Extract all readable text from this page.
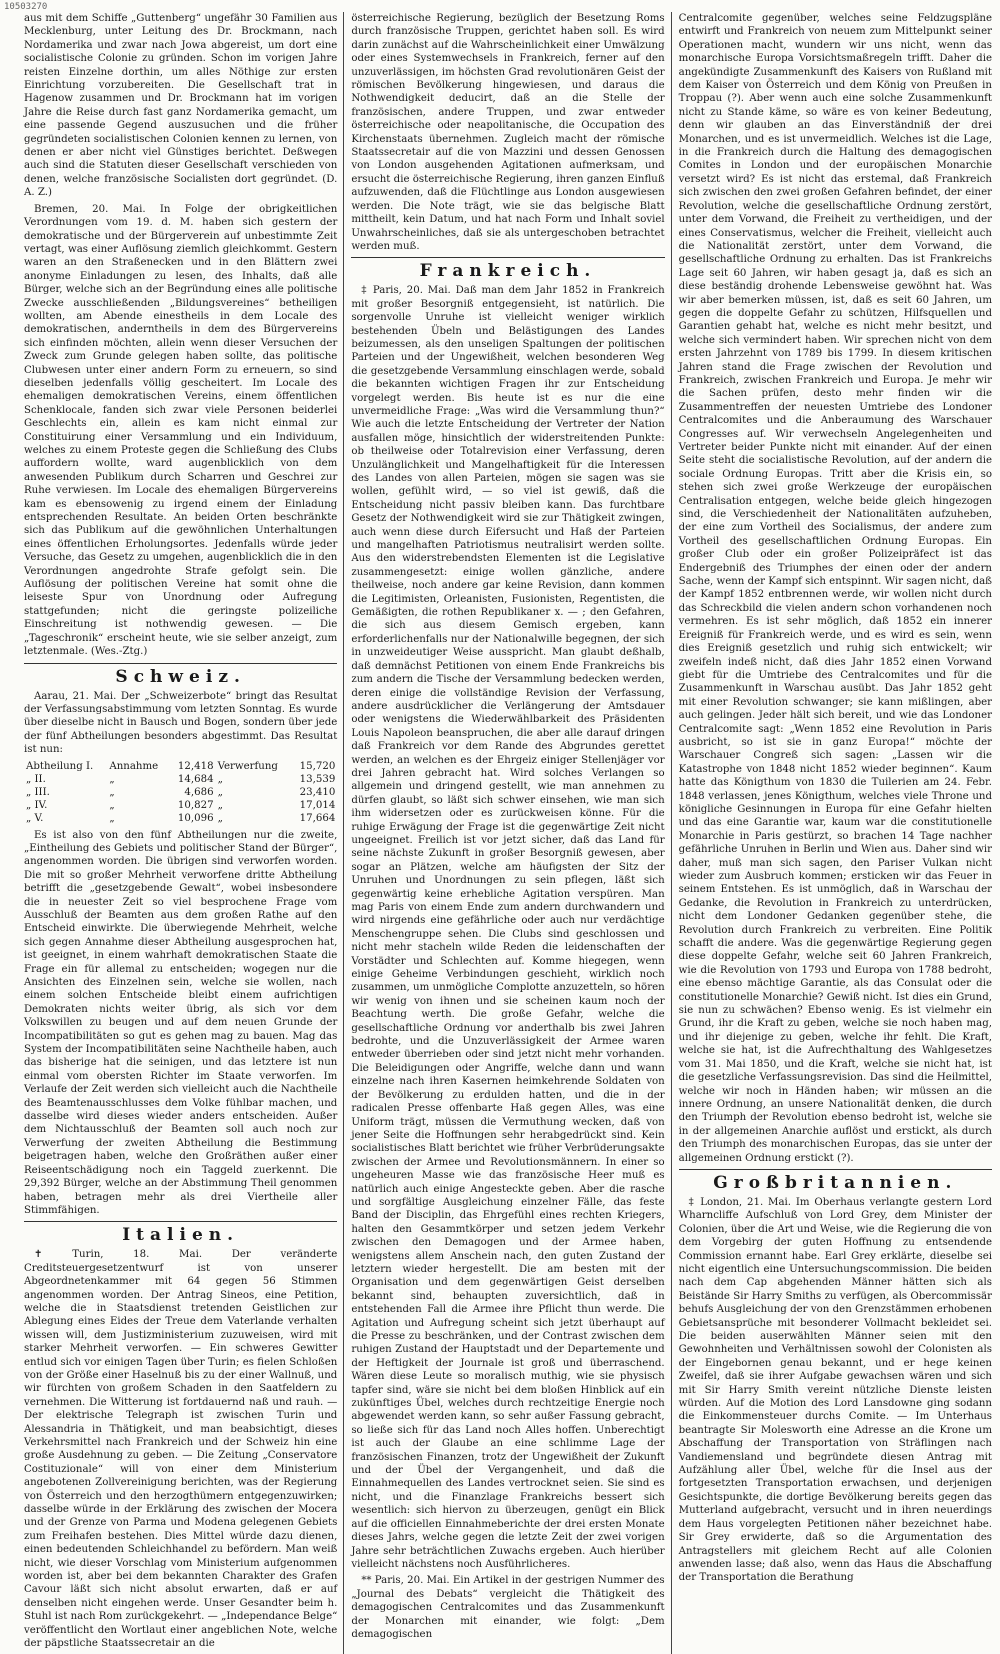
10503270

aus mit dem Schiffe „Guttenberg“ ungefähr 30 Familien aus Mecklenburg, unter Leitung des Dr. Brockmann, nach Nordamerika und zwar nach Jowa abgereist, um dort eine socialistische Colonie zu gründen. Schon im vorigen Jahre reisten Einzelne dorthin, um alles Nöthige zur ersten Einrichtung vorzubereiten. Die Gesellschaft trat in Hagenow zusammen und Dr. Brockmann hat im vorigen Jahre die Reise durch fast ganz Nordamerika gemacht, um eine passende Gegend auszusuchen und die früher gegründeten socialistischen Colonien kennen zu lernen, von denen er aber nicht viel Günstiges berichtet. Deßwegen auch sind die Statuten dieser Gesellschaft verschieden von denen, welche französische Socialisten dort gegründet. (D. A. Z.)

Bremen, 20. Mai. In Folge der obrigkeitlichen Verordnungen vom 19. d. M. haben sich gestern der demokratische und der Bürgerverein auf unbestimmte Zeit vertagt, was einer Auflösung ziemlich gleichkommt. Gestern waren an den Straßenecken und in den Blättern zwei anonyme Einladungen zu lesen, des Inhalts, daß alle Bürger, welche sich an der Begründung eines alle politische Zwecke ausschließenden „Bildungsvereines“ betheiligen wollten, am Abende einestheils in dem Locale des demokratischen, anderntheils in dem des Bürgervereins sich einfinden möchten, allein wenn dieser Versuchen der Zweck zum Grunde gelegen haben sollte, das politische Clubwesen unter einer andern Form zu erneuern, so sind dieselben jedenfalls völlig gescheitert. Im Locale des ehemaligen demokratischen Vereins, einem öffentlichen Schenklocale, fanden sich zwar viele Personen beiderlei Geschlechts ein, allein es kam nicht einmal zur Constituirung einer Versammlung und ein Individuum, welches zu einem Proteste gegen die Schließung des Clubs auffordern wollte, ward augenblicklich von dem anwesenden Publikum durch Scharren und Geschrei zur Ruhe verwiesen. Im Locale des ehemaligen Bürgervereins kam es ebensowenig zu irgend einem der Einladung entsprechenden Resultate. An beiden Orten beschränkte sich das Publikum auf die gewöhnlichen Unterhaltungen eines öffentlichen Erholungsortes. Jedenfalls würde jeder Versuche, das Gesetz zu umgehen, augenblicklich die in den Verordnungen angedrohte Strafe gefolgt sein. Die Auflösung der politischen Vereine hat somit ohne die leiseste Spur von Unordnung oder Aufregung stattgefunden; nicht die geringste polizeiliche Einschreitung ist nothwendig gewesen. — Die „Tageschronik“ erscheint heute, wie sie selber anzeigt, zum letztenmale. (Wes.-Ztg.)

Schweiz.

Aarau, 21. Mai. Der „Schweizerbote“ bringt das Resultat der Verfassungsabstimmung vom letzten Sonntag. Es wurde über dieselbe nicht in Bausch und Bogen, sondern über jede der fünf Abtheilungen besonders abgestimmt. Das Resultat ist nun:

Abtheilung I.	Annahme	12,418	Verwerfung	15,720
„ II.	„	14,684	„	13,539
„ III.	„	4,686	„	23,410
„ IV.	„	10,827	„	17,014
„ V.	„	10,096	„	17,664

Es ist also von den fünf Abtheilungen nur die zweite, „Eintheilung des Gebiets und politischer Stand der Bürger“, angenommen worden. Die übrigen sind verworfen worden. Die mit so großer Mehrheit verworfene dritte Abtheilung betrifft die „gesetzgebende Gewalt“, wobei insbesondere die in neuester Zeit so viel besprochene Frage vom Ausschluß der Beamten aus dem großen Rathe auf den Entscheid einwirkte. Die überwiegende Mehrheit, welche sich gegen Annahme dieser Abtheilung ausgesprochen hat, ist geeignet, in einem wahrhaft demokratischen Staate die Frage ein für allemal zu entscheiden; wogegen nur die Ansichten des Einzelnen sein, welche sie wollen, nach einem solchen Entscheide bleibt einem aufrichtigen Demokraten nichts weiter übrig, als sich vor dem Volkswillen zu beugen und auf dem neuen Grunde der Incompatibilitäten so gut es gehen mag zu bauen. Mag das System der Incompatibilitäten seine Nachtheile haben, auch das bisherige hat die seinigen, und das letztere ist nun einmal vom obersten Richter im Staate verworfen. Im Verlaufe der Zeit werden sich vielleicht auch die Nachtheile des Beamtenausschlusses dem Volke fühlbar machen, und dasselbe wird dieses wieder anders entscheiden. Außer dem Nichtausschluß der Beamten soll auch noch zur Verwerfung der zweiten Abtheilung die Bestimmung beigetragen haben, welche den Großräthen außer einer Reiseentschädigung noch ein Taggeld zuerkennt. Die 29,392 Bürger, welche an der Abstimmung Theil genommen haben, betragen mehr als drei Viertheile aller Stimmfähigen.

Italien.

✝ Turin, 18. Mai. Der veränderte Creditsteuergesetzentwurf ist von unserer Abgeordnetenkammer mit 64 gegen 56 Stimmen angenommen worden. Der Antrag Sineos, eine Petition, welche die in Staatsdienst tretenden Geistlichen zur Ablegung eines Eides der Treue dem Vaterlande verhalten wissen will, dem Justizministerium zuzuweisen, wird mit starker Mehrheit verworfen. — Ein schweres Gewitter entlud sich vor einigen Tagen über Turin; es fielen Schloßen von der Größe einer Haselnuß bis zu der einer Wallnuß, und wir fürchten von großem Schaden in den Saatfeldern zu vernehmen. Die Witterung ist fortdauernd naß und rauh. — Der elektrische Telegraph ist zwischen Turin und Alessandria in Thätigkeit, und man beabsichtigt, dieses Verkehrsmittel nach Frankreich und der Schweiz hin eine große Ausdehnung zu geben. — Die Zeitung „Conservatore Costituzionale“ will von einer dem Ministerium angebotenen Zollvereinigung berichten, was der Regierung von Österreich und den herzogthümern entgegenzuwirken; dasselbe würde in der Erklärung des zwischen der Mocera und der Grenze von Parma und Modena gelegenen Gebiets zum Freihafen bestehen. Dies Mittel würde dazu dienen, einen bedeutenden Schleichhandel zu befördern. Man weiß nicht, wie dieser Vorschlag vom Ministerium aufgenommen worden ist, aber bei dem bekannten Charakter des Grafen Cavour läßt sich nicht absolut erwarten, daß er auf denselben nicht eingehen werde. Unser Gesandter beim h. Stuhl ist nach Rom zurückgekehrt. — „Independance Belge“ veröffentlicht den Wortlaut einer angeblichen Note, welche der päpstliche Staatssecretair an die

österreichische Regierung, bezüglich der Besetzung Roms durch französische Truppen, gerichtet haben soll. Es wird darin zunächst auf die Wahrscheinlichkeit einer Umwälzung oder eines Systemwechsels in Frankreich, ferner auf den unzuverlässigen, im höchsten Grad revolutionären Geist der römischen Bevölkerung hingewiesen, und daraus die Nothwendigkeit deducirt, daß an die Stelle der französischen, andere Truppen, und zwar entweder österreichische oder neapolitanische, die Occupation des Kirchenstaats übernehmen. Zugleich macht der römische Staatssecretair auf die von Mazzini und dessen Genossen von London ausgehenden Agitationen aufmerksam, und ersucht die österreichische Regierung, ihren ganzen Einfluß aufzuwenden, daß die Flüchtlinge aus London ausgewiesen werden. Die Note trägt, wie sie das belgische Blatt mittheilt, kein Datum, und hat nach Form und Inhalt soviel Unwahrscheinliches, daß sie als untergeschoben betrachtet werden muß.

Frankreich.

‡ Paris, 20. Mai. Daß man dem Jahr 1852 in Frankreich mit großer Besorgniß entgegensieht, ist natürlich. Die sorgenvolle Unruhe ist vielleicht weniger wirklich bestehenden Übeln und Belästigungen des Landes beizumessen, als den unseligen Spaltungen der politischen Parteien und der Ungewißheit, welchen besonderen Weg die gesetzgebende Versammlung einschlagen werde, sobald die bekannten wichtigen Fragen ihr zur Entscheidung vorgelegt werden. Bis heute ist es nur die eine unvermeidliche Frage: „Was wird die Versammlung thun?“ Wie auch die letzte Entscheidung der Vertreter der Nation ausfallen möge, hinsichtlich der widerstreitenden Punkte: ob theilweise oder Totalrevision einer Verfassung, deren Unzulänglichkeit und Mangelhaftigkeit für die Interessen des Landes von allen Parteien, mögen sie sagen was sie wollen, gefühlt wird, — so viel ist gewiß, daß die Entscheidung nicht passiv bleiben kann. Das furchtbare Gesetz der Nothwendigkeit wird sie zur Thätigkeit zwingen, auch wenn diese durch Eifersucht und Haß der Parteien und mangelhaften Patriotismus neutralisirt werden sollte. Aus den widerstrebendsten Elementen ist die Legislative zusammengesetzt: einige wollen gänzliche, andere theilweise, noch andere gar keine Revision, dann kommen die Legitimisten, Orleanisten, Fusionisten, Regentisten, die Gemäßigten, die rothen Republikaner x. — ; den Gefahren, die sich aus diesem Gemisch ergeben, kann erforderlichenfalls nur der Nationalwille begegnen, der sich in unzweideutiger Weise ausspricht. Man glaubt deßhalb, daß demnächst Petitionen von einem Ende Frankreichs bis zum andern die Tische der Versammlung bedecken werden, deren einige die vollständige Revision der Verfassung, andere ausdrücklicher die Verlängerung der Amtsdauer oder wenigstens die Wiederwählbarkeit des Präsidenten Louis Napoleon beanspruchen, die aber alle darauf dringen daß Frankreich vor dem Rande des Abgrundes gerettet werden, an welchen es der Ehrgeiz einiger Stellenjäger vor drei Jahren gebracht hat. Wird solches Verlangen so allgemein und dringend gestellt, wie man annehmen zu dürfen glaubt, so läßt sich schwer einsehen, wie man sich ihm widersetzen oder es zurückweisen könne. Für die ruhige Erwägung der Frage ist die gegenwärtige Zeit nicht ungeeignet. Freilich ist vor jetzt sicher, daß das Land für seine nächste Zukunft in großer Besorgniß gewesen, aber sogar an Plätzen, welche am häufigsten der Sitz der Unruhen und Unordnungen zu sein pflegen, läßt sich gegenwärtig keine erhebliche Agitation verspüren. Man mag Paris von einem Ende zum andern durchwandern und wird nirgends eine gefährliche oder auch nur verdächtige Menschengruppe sehen. Die Clubs sind geschlossen und nicht mehr stacheln wilde Reden die leidenschaften der Vorstädter und Schlechten auf. Komme hiegegen, wenn einige Geheime Verbindungen geschieht, wirklich noch zusammen, um unmögliche Complotte anzuzetteln, so hören wir wenig von ihnen und sie scheinen kaum noch der Beachtung werth. Die große Gefahr, welche die gesellschaftliche Ordnung vor anderthalb bis zwei Jahren bedrohte, und die Unzuverlässigkeit der Armee waren entweder überrieben oder sind jetzt nicht mehr vorhanden. Die Beleidigungen oder Angriffe, welche dann und wann einzelne nach ihren Kasernen heimkehrende Soldaten von der Bevölkerung zu erdulden hatten, und die in der radicalen Presse offenbarte Haß gegen Alles, was eine Uniform trägt, müssen die Vermuthung wecken, daß von jener Seite die Hoffnungen sehr herabgedrückt sind. Kein socialistisches Blatt berichtet wie früher Verbrüderungsakte zwischen der Armee und Revolutionsmännern. In einer so ungeheuren Masse wie das französische Heer muß es natürlich auch einige Angesteckte geben. Aber die rasche und sorgfältige Ausgleichung einzelner Fälle, das feste Band der Disciplin, das Ehrgefühl eines rechten Kriegers, halten den Gesammtkörper und setzen jedem Verkehr zwischen den Demagogen und der Armee haben, wenigstens allem Anschein nach, den guten Zustand der letztern wieder hergestellt. Die am besten mit der Organisation und dem gegenwärtigen Geist derselben bekannt sind, behaupten zuversichtlich, daß in entstehenden Fall die Armee ihre Pflicht thun werde. Die Agitation und Aufregung scheint sich jetzt überhaupt auf die Presse zu beschränken, und der Contrast zwischen dem ruhigen Zustand der Hauptstadt und der Departemente und der Heftigkeit der Journale ist groß und überraschend. Wären diese Leute so moralisch muthig, wie sie physisch tapfer sind, wäre sie nicht bei dem bloßen Hinblick auf ein zukünftiges Übel, welches durch rechtzeitige Energie noch abgewendet werden kann, so sehr außer Fassung gebracht, so ließe sich für das Land noch Alles hoffen. Unberechtigt ist auch der Glaube an eine schlimme Lage der französischen Finanzen, trotz der Ungewißheit der Zukunft und der Übel der Vergangenheit, und daß die Einnahmequellen des Landes vertrocknet seien. Sie sind es nicht, und die Finanzlage Frankreichs bessert sich wesentlich: sich hiervon zu überzeugen, genügt ein Blick auf die officiellen Einnahmeberichte der drei ersten Monate dieses Jahrs, welche gegen die letzte Zeit der zwei vorigen Jahre sehr beträchtlichen Zuwachs ergeben. Auch hierüber vielleicht nächstens noch Ausführlicheres.

** Paris, 20. Mai. Ein Artikel in der gestrigen Nummer des „Journal des Debats“ vergleicht die Thätigkeit des demagogischen Centralcomites und das Zusammenkunft der Monarchen mit einander, wie folgt: „Dem demagogischen

Centralcomite gegenüber, welches seine Feldzugspläne entwirft und Frankreich von neuem zum Mittelpunkt seiner Operationen macht, wundern wir uns nicht, wenn das monarchische Europa Vorsichtsmaßregeln trifft. Daher die angekündigte Zusammenkunft des Kaisers von Rußland mit dem Kaiser von Österreich und dem König von Preußen in Troppau (?). Aber wenn auch eine solche Zusammenkunft nicht zu Stande käme, so wäre es von keiner Bedeutung, denn wir glauben an das Einverständniß der drei Monarchen, und es ist unvermeidlich. Welches ist die Lage, in die Frankreich durch die Haltung des demagogischen Comites in London und der europäischen Monarchie versetzt wird? Es ist nicht das erstemal, daß Frankreich sich zwischen den zwei großen Gefahren befindet, der einer Revolution, welche die gesellschaftliche Ordnung zerstört, unter dem Vorwand, die Freiheit zu vertheidigen, und der eines Conservatismus, welcher die Freiheit, vielleicht auch die Nationalität zerstört, unter dem Vorwand, die gesellschaftliche Ordnung zu erhalten. Das ist Frankreichs Lage seit 60 Jahren, wir haben gesagt ja, daß es sich an diese beständig drohende Lebensweise gewöhnt hat. Was wir aber bemerken müssen, ist, daß es seit 60 Jahren, um gegen die doppelte Gefahr zu schützen, Hilfsquellen und Garantien gehabt hat, welche es nicht mehr besitzt, und welche sich vermindert haben. Wir sprechen nicht von dem ersten Jahrzehnt von 1789 bis 1799. In diesem kritischen Jahren stand die Frage zwischen der Revolution und Frankreich, zwischen Frankreich und Europa. Je mehr wir die Sachen prüfen, desto mehr finden wir die Zusammentreffen der neuesten Umtriebe des Londoner Centralcomites und die Anberaumung des Warschauer Congresses auf. Wir verwechseln Angelegenheiten und Vertreter beider Punkte nicht mit einander. Auf der einen Seite steht die socialistische Revolution, auf der andern die sociale Ordnung Europas. Tritt aber die Krisis ein, so stehen sich zwei große Werkzeuge der europäischen Centralisation entgegen, welche beide gleich hingezogen sind, die Verschiedenheit der Nationalitäten aufzuheben, der eine zum Vortheil des Socialismus, der andere zum Vortheil des gesellschaftlichen Ordnung Europas. Ein großer Club oder ein großer Polizeipräfect ist das Endergebniß des Triumphes der einen oder der andern Sache, wenn der Kampf sich entspinnt. Wir sagen nicht, daß der Kampf 1852 entbrennen werde, wir wollen nicht durch das Schreckbild die vielen andern schon vorhandenen noch vermehren. Es ist sehr möglich, daß 1852 ein innerer Ereigniß für Frankreich werde, und es wird es sein, wenn dies Ereigniß gesetzlich und ruhig sich entwickelt; wir zweifeln indeß nicht, daß dies Jahr 1852 einen Vorwand giebt für die Umtriebe des Centralcomites und für die Zusammenkunft in Warschau ausübt. Das Jahr 1852 geht mit einer Revolution schwanger; sie kann mißlingen, aber auch gelingen. Jeder hält sich bereit, und wie das Londoner Centralcomite sagt: „Wenn 1852 eine Revolution in Paris ausbricht, so ist sie in ganz Europa!“ möchte der Warschauer Congreß sich sagen: „Lassen wir die Katastrophe von 1848 nicht 1852 wieder beginnen“. Kaum hatte das Königthum von 1830 die Tuilerien am 24. Febr. 1848 verlassen, jenes Königthum, welches viele Throne und königliche Gesinnungen in Europa für eine Gefahr hielten und das eine Garantie war, kaum war die constitutionelle Monarchie in Paris gestürzt, so brachen 14 Tage nachher gefährliche Unruhen in Berlin und Wien aus. Daher sind wir daher, muß man sich sagen, den Pariser Vulkan nicht wieder zum Ausbruch kommen; ersticken wir das Feuer in seinem Entstehen. Es ist unmöglich, daß in Warschau der Gedanke, die Revolution in Frankreich zu unterdrücken, nicht dem Londoner Gedanken gegenüber stehe, die Revolution durch Frankreich zu verbreiten. Eine Politik schafft die andere. Was die gegenwärtige Regierung gegen diese doppelte Gefahr, welche seit 60 Jahren Frankreich, wie die Revolution von 1793 und Europa von 1788 bedroht, eine ebenso mächtige Garantie, als das Consulat oder die constitutionelle Monarchie? Gewiß nicht. Ist dies ein Grund, sie nun zu schwächen? Ebenso wenig. Es ist vielmehr ein Grund, ihr die Kraft zu geben, welche sie noch haben mag, und ihr diejenige zu geben, welche ihr fehlt. Die Kraft, welche sie hat, ist die Aufrechthaltung des Wahlgesetzes vom 31. Mai 1850, und die Kraft, welche sie nicht hat, ist die gesetzliche Verfassungsrevision. Das sind die Heilmittel, welche wir noch in Händen haben; wir müssen an die innere Ordnung, an unsere Nationalität denken, die durch den Triumph der Revolution ebenso bedroht ist, welche sie in der allgemeinen Anarchie auflöst und erstickt, als durch den Triumph des monarchischen Europas, das sie unter der allgemeinen Ordnung erstickt (?).

Großbritannien.

‡ London, 21. Mai. Im Oberhaus verlangte gestern Lord Wharncliffe Aufschluß von Lord Grey, dem Minister der Colonien, über die Art und Weise, wie die Regierung die von dem Vorgebirg der guten Hoffnung zu entsendende Commission ernannt habe. Earl Grey erklärte, dieselbe sei nicht eigentlich eine Untersuchungscommission. Die beiden nach dem Cap abgehenden Männer hätten sich als Beistände Sir Harry Smiths zu verfügen, als Obercommissär behufs Ausgleichung der von den Grenzstämmen erhobenen Gebietsansprüche mit besonderer Vollmacht bekleidet sei. Die beiden auserwählten Männer seien mit den Gewohnheiten und Verhältnissen sowohl der Colonisten als der Eingebornen genau bekannt, und er hege keinen Zweifel, daß sie ihrer Aufgabe gewachsen wären und sich mit Sir Harry Smith vereint nützliche Dienste leisten würden. Auf die Motion des Lord Lansdowne ging sodann die Einkommensteuer durchs Comite. — Im Unterhaus beantragte Sir Molesworth eine Adresse an die Krone um Abschaffung der Transportation von Sträflingen nach Vandiemensland und begründete diesen Antrag mit Aufzählung aller Übel, welche für die Insel aus der fortgesetzten Transportation erwachsen, und derjenigen Gesichtspunkte, die dortige Bevölkerung bereits gegen das Mutterland aufgebracht, versucht und in ihren neuerdings dem Haus vorgelegten Petitionen näher bezeichnet habe. Sir Grey erwiderte, daß so die Argumentation des Antragstellers mit gleichem Recht auf alle Colonien anwenden lasse; daß also, wenn das Haus die Abschaffung der Transportation die Berathung
